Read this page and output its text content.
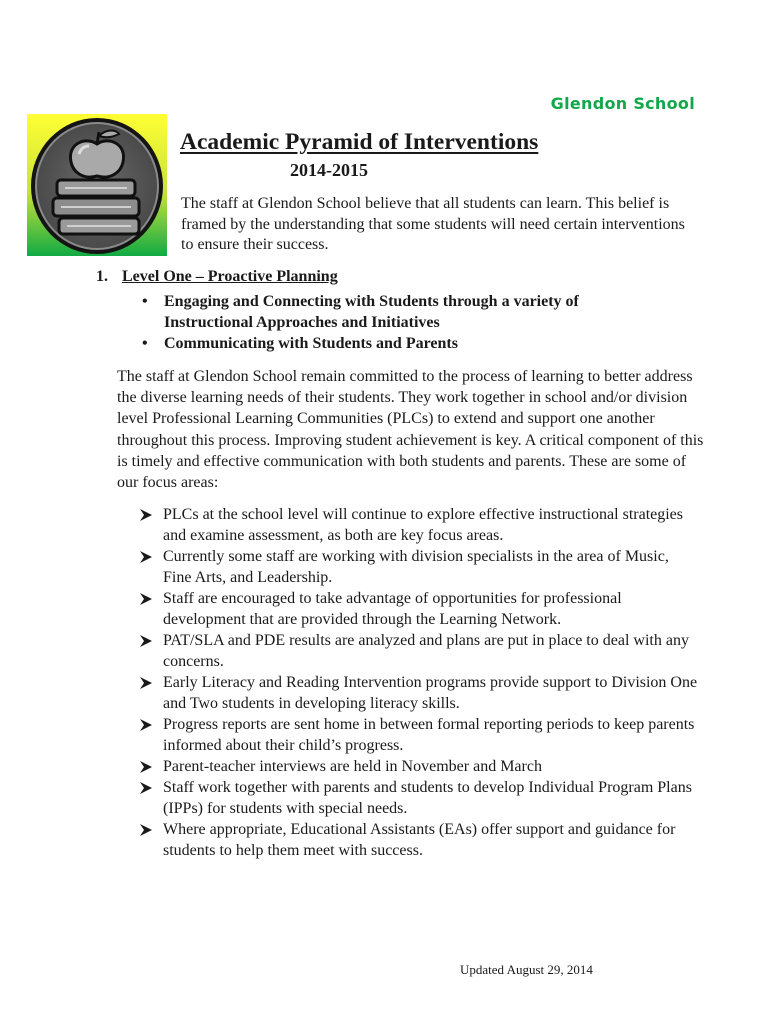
Glendon School
Academic Pyramid of Interventions
2014-2015

The staff at Glendon School believe that all students can learn. This belief is framed by the understanding that some students will need certain interventions to ensure their success.

1. Level One – Proactive Planning
• Engaging and Connecting with Students through a variety of Instructional Approaches and Initiatives
• Communicating with Students and Parents

The staff at Glendon School remain committed to the process of learning to better address the diverse learning needs of their students. They work together in school and/or division level Professional Learning Communities (PLCs) to extend and support one another throughout this process. Improving student achievement is key. A critical component of this is timely and effective communication with both students and parents. These are some of our focus areas:

PLCs at the school level will continue to explore effective instructional strategies and examine assessment, as both are key focus areas.
Currently some staff are working with division specialists in the area of Music, Fine Arts, and Leadership.
Staff are encouraged to take advantage of opportunities for professional development that are provided through the Learning Network.
PAT/SLA and PDE results are analyzed and plans are put in place to deal with any concerns.
Early Literacy and Reading Intervention programs provide support to Division One and Two students in developing literacy skills.
Progress reports are sent home in between formal reporting periods to keep parents informed about their child’s progress.
Parent-teacher interviews are held in November and March
Staff work together with parents and students to develop Individual Program Plans (IPPs) for students with special needs.
Where appropriate, Educational Assistants (EAs) offer support and guidance for students to help them meet with success.
Updated August 29, 2014
